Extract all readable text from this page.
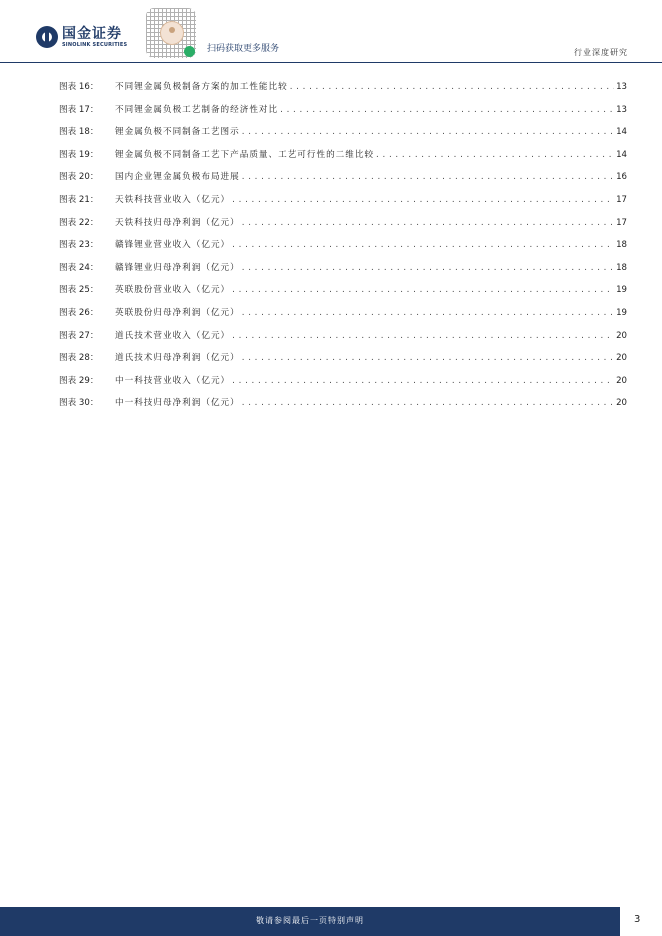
国金证券
SINOLINK SECURITIES	扫码获取更多服务	行业深度研究
图表 16：	不同锂金属负极制备方案的加工性能比较 . . .	13
图表 17：	不同锂金属负极工艺制备的经济性对比 . . .	13
图表 18：	锂金属负极不同制备工艺图示 . . .	14
图表 19：	锂金属负极不同制备工艺下产品质量、工艺可行性的二维比较 . . .	14
图表 20：	国内企业锂金属负极布局进展 . . .	16
图表 21：	天铁科技营业收入（亿元） . . .	17
图表 22：	天铁科技归母净利润（亿元） . . .	17
图表 23：	赣锋锂业营业收入（亿元） . . .	18
图表 24：	赣锋锂业归母净利润（亿元） . . .	18
图表 25：	英联股份营业收入（亿元） . . .	19
图表 26：	英联股份归母净利润（亿元） . . .	19
图表 27：	道氏技术营业收入（亿元） . . .	20
图表 28：	道氏技术归母净利润（亿元） . . .	20
图表 29：	中一科技营业收入（亿元） . . .	20
图表 30：	中一科技归母净利润（亿元） . . .	20
敬请参阅最后一页特别声明	3
